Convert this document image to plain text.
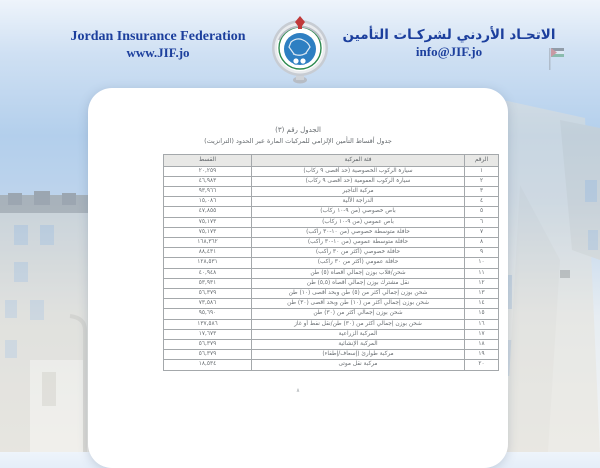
Jordan Insurance Federation
www.JIF.jo
الاتحـاد الأردني لشركـات التأمين
info@JIF.jo
الجدول رقم (٣)
جدول أقساط التأمين الإلزامي للمركبات المارة عبر الحدود (الترانزيت)
الرقم	فئة المركبة	القسط
١	سيارة الركوب الخصوصية (حد أقصى ٩ ركاب)	٢٠,٢٥٩
٢	سيارة الركوب العمومية (حد أقصى ٩ ركاب)	٤٦,٩٨٣
٣	مركبة التأجير	٩٣,٩٦٦
٤	الدراجة الآلية	١٥,٠٨٦
٥	باص خصوصي (من ٩-١٠ ركاب)	٤٧,٨٥٥
٦	باص عمومي (من ٩-١٠ ركاب)	٧٥,١٧٣
٧	حافلة متوسطة خصوصي (من ١٠-٣٠ راكب)	٧٥,١٧٣
٨	حافلة متوسطة عمومي (من ١٠-٣٠ راكب)	١٦٨,٣٦٢
٩	حافلة خصوصي (أكثر من ٣٠ راكب)	٨٨,٤٣١
١٠	حافلة عمومي (أكثر من ٣٠ راكب)	١٢٨,٥٣١
١١	شحن/قلاب بوزن إجمالي أقصاه (٥) طن	٤٠,٩٤٨
١٢	نقل مشترك بوزن إجمالي أقصاه (٥,٥) طن	٥٣,٩٣١
١٣	شحن بوزن إجمالي أكثر من (٥) طن وبحد أقصى (١٠) طن	٥٦,٣٧٩
١٤	شحن بوزن إجمالي أكثر من (١٠) طن وبحد أقصى (٣٠) طن	٧٣,٥٨٦
١٥	شحن بوزن إجمالي أكثر من (٣٠) طن	٩٥,٦٩٠
١٦	شحن بوزن إجمالي أكثر من (٣٠) طن/نقل نفط أو غاز	١٣٧,٥٨٦
١٧	المركبة الزراعية	١٧,٦٧٣
١٨	المركبة الإنشائية	٥٦,٣٧٩
١٩	مركبة طوارئ (إسعاف/إطفاء)	٥٦,٣٧٩
٢٠	مركبة نقل موتى	١٨,٥٣٤
٨
